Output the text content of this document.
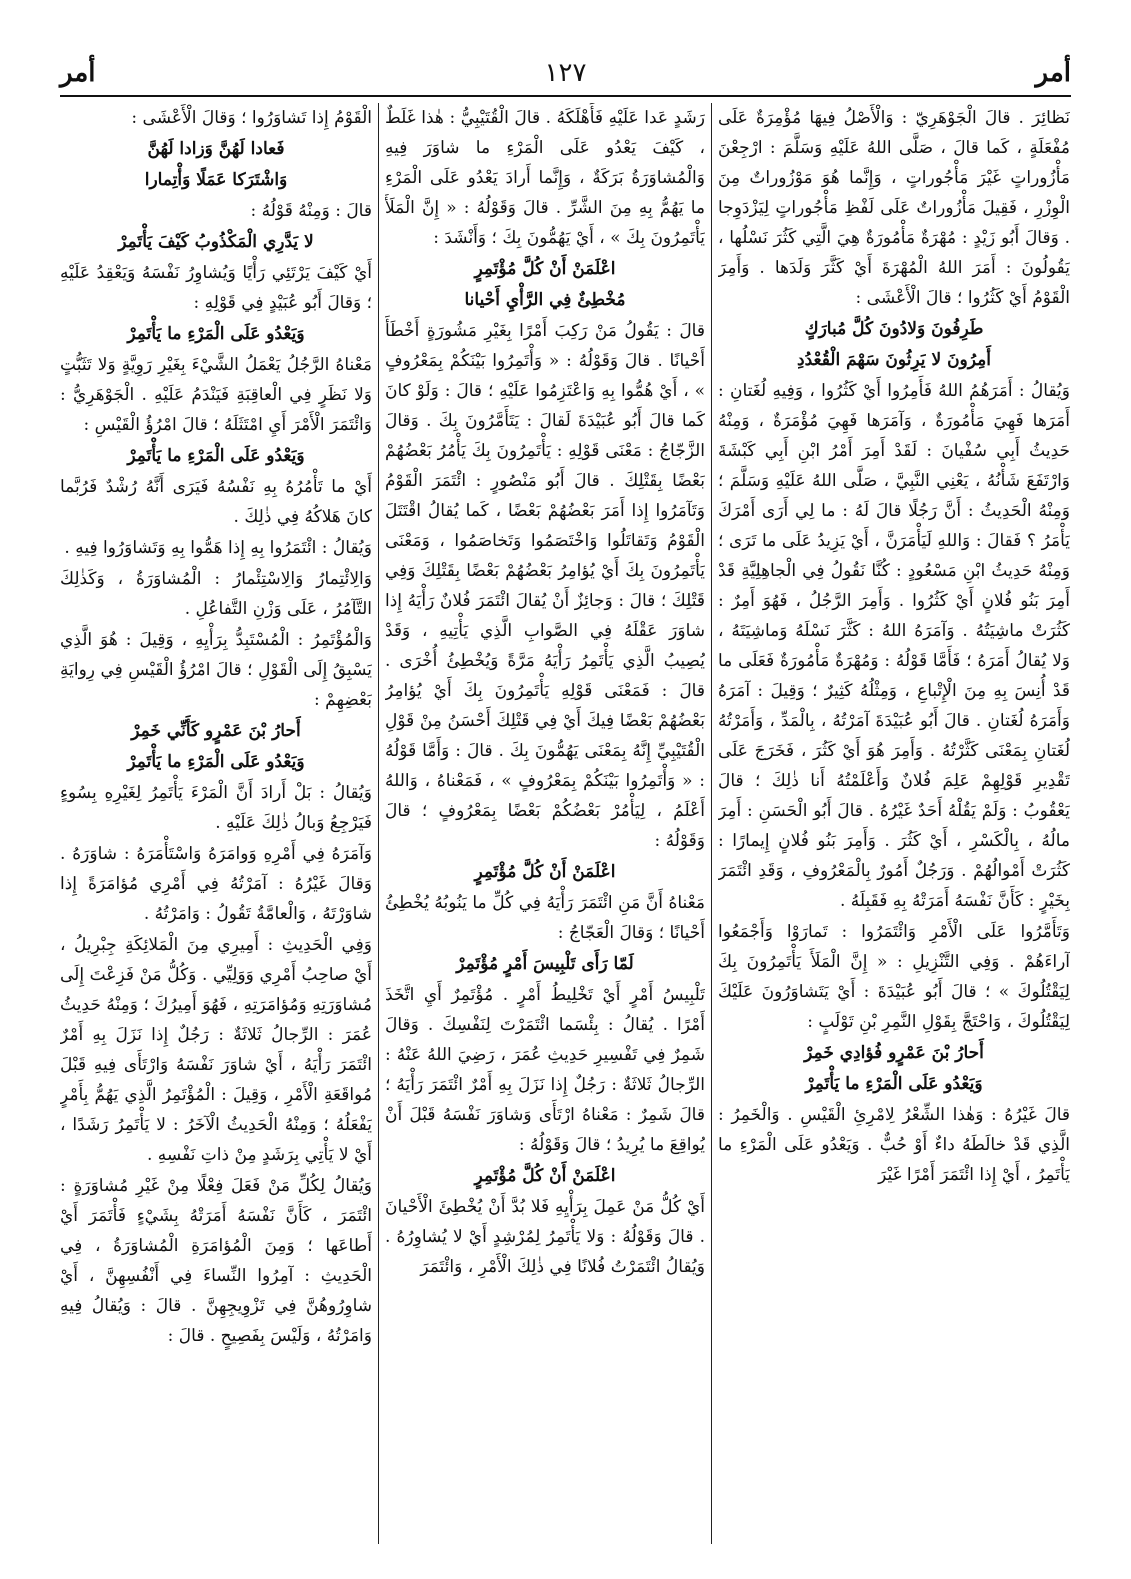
أمر
١٢٧
أمر

نَظائِرَ . قالَ الْجَوْهَرِيّ : وَالْأَصْلُ فِيهَا مُؤْمِرَةٌ عَلَى مُفْعَلَةٍ ، كَما قالَ ، صَلَّى اللهُ عَلَيْهِ وَسَلَّمَ : ارْجِعْنَ مَأْزُوراتٍ غَيْرَ مَأْجُوراتٍ ، وَإِنَّما هُوَ مَوْزُوراتٌ مِنَ الْوِزْرِ ، فَقِيلَ مَأْزُوراتٌ عَلَى لَفْظِ مَأْجُوراتٍ لِيَزْدَوِجا . وَقالَ أَبُو زَيْدٍ : مُهْرَةٌ مَأْمُورَةٌ هِيَ الَّتِي كَثُرَ نَسْلُها ، يَقُولُونَ : أَمَرَ اللهُ الْمُهْرَةَ أَيْ كَثَّرَ وَلَدَها . وَأَمِرَ الْقَوْمُ أَيْ كَثُرُوا ؛ قالَ الْأَعْشَى :

طَرِفُونَ وَلادُونَ كُلَّ مُبارَكٍ

أَمِرُونَ لا يَرِثُونَ سَهْمَ الْقُعْدُدِ

وَيُقالُ : أَمَرَهُمُ اللهُ فَأَمِرُوا أَيْ كَثُرُوا ، وَفِيهِ لُغَتانِ : أَمَرَها فَهِيَ مَأْمُورَةٌ ، وَآمَرَها فَهِيَ مُؤْمَرَةٌ ، وَمِنْهُ حَدِيثُ أَبِي سُفْيانَ : لَقَدْ أَمِرَ أَمْرُ ابْنِ أَبِي كَبْشَةَ وَارْتَفَعَ شَأْنُهُ ، يَعْنِي النَّبِيَّ ، صَلَّى اللهُ عَلَيْهِ وَسَلَّمَ ؛ وَمِنْهُ الْحَدِيثُ : أَنَّ رَجُلًا قالَ لَهُ : ما لِي أَرَى أَمْرَكَ يَأْمَرُ ؟ فَقالَ : وَاللهِ لَيَأْمَرَنَّ ، أَيْ يَزِيدُ عَلَى ما تَرَى ؛ وَمِنْهُ حَدِيثُ ابْنِ مَسْعُودٍ : كُنَّا نَقُولُ فِي الْجاهِلِيَّةِ قَدْ أَمِرَ بَنُو فُلانٍ أَيْ كَثُرُوا . وَأَمِرَ الرَّجُلُ ، فَهُوَ أَمِرٌ : كَثُرَتْ ماشِيَتُهُ . وَآمَرَهُ اللهُ : كَثَّرَ نَسْلَهُ وَماشِيَتَهُ ، وَلا يُقالُ أَمَرَهُ ؛ فَأَمَّا قَوْلُهُ : وَمُهْرَةٌ مَأْمُورَةٌ فَعَلَى ما قَدْ أُنِسَ بِهِ مِنَ الْإِتْباعِ ، وَمِثْلُهُ كَثِيرٌ ؛ وَقِيلَ : آمَرَهُ وَأَمَرَهُ لُغَتانِ . قالَ أَبُو عُبَيْدَةَ آمَرْتُهُ ، بِالْمَدِّ ، وَأَمَرْتُهُ لُغَتانِ بِمَعْنَى كَثَّرْتُهُ . وَأَمِرَ هُوَ أَيْ كَثُرَ ، فَخَرَجَ عَلَى تَقْدِيرِ قَوْلِهِمْ عَلِمَ فُلانٌ وَأَعْلَمْتُهُ أَنا ذٰلِكَ ؛ قالَ يَعْقُوبُ : وَلَمْ يَقُلْهُ أَحَدٌ غَيْرُهُ . قالَ أَبُو الْحَسَنِ : أَمِرَ مالُهُ ، بِالْكَسْرِ ، أَيْ كَثُرَ . وَأَمِرَ بَنُو فُلانٍ إِيمارًا : كَثُرَتْ أَمْوالُهُمْ . وَرَجُلٌ أَمُورٌ بِالْمَعْرُوفِ ، وَقَدِ ائْتَمَرَ بِخَيْرٍ : كَأَنَّ نَفْسَهُ أَمَرَتْهُ بِهِ فَقَبِلَهُ .

وَتَأَمَّرُوا عَلَى الْأَمْرِ وَائْتَمَرُوا : تَمارَوْا وَأَجْمَعُوا آراءَهُمْ . وَفِي التَّنْزِيلِ : « إِنَّ الْمَلَأَ يَأْتَمِرُونَ بِكَ لِيَقْتُلُوكَ » ؛ قالَ أَبُو عُبَيْدَةَ : أَيْ يَتَشاوَرُونَ عَلَيْكَ لِيَقْتُلُوكَ ، وَاحْتَجَّ بِقَوْلِ النَّمِرِ بْنِ تَوْلَبٍ :

أَحارُ بْنَ عَمْرٍو فُؤادِي خَمِرْ

وَيَعْدُو عَلَى الْمَرْءِ ما يَأْتَمِرْ

قالَ غَيْرُهُ : وَهٰذا الشِّعْرُ لِامْرِئِ الْقَيْسِ . وَالْخَمِرُ : الَّذِي قَدْ خالَطَهُ داءٌ أَوْ حُبٌّ . وَيَعْدُو عَلَى الْمَرْءِ ما يَأْتَمِرُ ، أَيْ إِذا ائْتَمَرَ أَمْرًا غَيْرَ

رَشَدٍ عَدا عَلَيْهِ فَأَهْلَكَهُ . قالَ الْقُتَيْبِيُّ : هٰذا غَلَطٌ ، كَيْفَ يَعْدُو عَلَى الْمَرْءِ ما شاوَرَ فِيهِ وَالْمُشاوَرَةُ بَرَكَةٌ ، وَإِنَّما أَرادَ يَعْدُو عَلَى الْمَرْءِ ما يَهُمُّ بِهِ مِنَ الشَّرِّ . قالَ وَقَوْلُهُ : « إِنَّ الْمَلَأَ يَأْتَمِرُونَ بِكَ » ، أَيْ يَهُمُّونَ بِكَ ؛ وَأَنْشَدَ :

اعْلَمَنْ أَنْ كُلَّ مُؤْتَمِرٍ

مُخْطِئٌ فِي الرَّأْيِ أَحْيانا

قالَ : يَقُولُ مَنْ رَكِبَ أَمْرًا بِغَيْرِ مَشُورَةٍ أَخْطَأَ أَحْيانًا . قالَ وَقَوْلُهُ : « وَأْتَمِرُوا بَيْنَكُمْ بِمَعْرُوفٍ » ، أَيْ هُمُّوا بِهِ وَاعْتَزِمُوا عَلَيْهِ ؛ قالَ : وَلَوْ كانَ كَما قالَ أَبُو عُبَيْدَةَ لَقالَ : يَتَأَمَّرُونَ بِكَ . وَقالَ الزَّجّاجُ : مَعْنَى قَوْلِهِ : يَأْتَمِرُونَ بِكَ يَأْمُرُ بَعْضُهُمْ بَعْضًا بِقَتْلِكَ . قالَ أَبُو مَنْصُورٍ : ائْتَمَرَ الْقَوْمُ وَتَآمَرُوا إِذا أَمَرَ بَعْضُهُمْ بَعْضًا ، كَما يُقالُ اقْتَتَلَ الْقَوْمُ وَتَقاتَلُوا وَاخْتَصَمُوا وَتَخاصَمُوا ، وَمَعْنَى يَأْتَمِرُونَ بِكَ أَيْ يُؤامِرُ بَعْضُهُمْ بَعْضًا بِقَتْلِكَ وَفِي قَتْلِكَ ؛ قالَ : وَجائِزٌ أَنْ يُقالَ ائْتَمَرَ فُلانٌ رَأْيَهُ إِذا شاوَرَ عَقْلَهُ فِي الصَّوابِ الَّذِي يَأْتِيهِ ، وَقَدْ يُصِيبُ الَّذِي يَأْتَمِرُ رَأْيَهُ مَرَّةً وَيُخْطِئُ أُخْرَى . قالَ : فَمَعْنَى قَوْلِهِ يَأْتَمِرُونَ بِكَ أَيْ يُؤامِرُ بَعْضُهُمْ بَعْضًا فِيكَ أَيْ فِي قَتْلِكَ أَحْسَنُ مِنْ قَوْلِ الْقُتَيْبِيِّ إِنَّهُ بِمَعْنَى يَهُمُّونَ بِكَ . قالَ : وَأَمَّا قَوْلُهُ : « وَأْتَمِرُوا بَيْنَكُمْ بِمَعْرُوفٍ » ، فَمَعْناهُ ، وَاللهُ أَعْلَمُ ، لِيَأْمُرْ بَعْضُكُمْ بَعْضًا بِمَعْرُوفٍ ؛ قالَ وَقَوْلُهُ :

اعْلَمَنْ أَنْ كُلَّ مُؤْتَمِرٍ

مَعْناهُ أَنَّ مَنِ ائْتَمَرَ رَأْيَهُ فِي كُلِّ ما يَنُوبُهُ يُخْطِئُ أَحْيانًا ؛ وَقالَ الْعَجّاجُ :

لَمّا رَأَى تَلْبِيسَ أَمْرٍ مُؤْتَمِرْ

تَلْبِيسُ أَمْرٍ أَيْ تَخْلِيطُ أَمْرٍ . مُؤْتَمِرٌ أَيِ اتَّخَذَ أَمْرًا . يُقالُ : بِئْسَما ائْتَمَرْتَ لِنَفْسِكَ . وَقالَ شَمِرٌ فِي تَفْسِيرِ حَدِيثِ عُمَرَ ، رَضِيَ اللهُ عَنْهُ : الرِّجالُ ثَلاثَةٌ : رَجُلٌ إِذا نَزَلَ بِهِ أَمْرٌ ائْتَمَرَ رَأْيَهُ ؛ قالَ شَمِرٌ : مَعْناهُ ارْتَأَى وَشاوَرَ نَفْسَهُ قَبْلَ أَنْ يُواقِعَ ما يُرِيدُ ؛ قالَ وَقَوْلُهُ :

اعْلَمَنْ أَنْ كُلَّ مُؤْتَمِرٍ

أَيْ كُلُّ مَنْ عَمِلَ بِرَأْيِهِ فَلا بُدَّ أَنْ يُخْطِئَ الْأَحْيانَ . قالَ وَقَوْلُهُ : وَلا يَأْتَمِرُ لِمُرْشِدٍ أَيْ لا يُشاوِرُهُ . وَيُقالُ ائْتَمَرْتُ فُلانًا فِي ذٰلِكَ الْأَمْرِ ، وَائْتَمَرَ

الْقَوْمُ إِذا تَشاوَرُوا ؛ وَقالَ الْأَعْشَى :

فَعادا لَهُنَّ وَزادا لَهُنَّ

وَاشْتَرَكا عَمَلًا وَأْتِمارا

قالَ : وَمِنْهُ قَوْلُهُ :

لا يَدَّرِي الْمَكْذُوبُ كَيْفَ يَأْتَمِرْ

أَيْ كَيْفَ يَرْتَئِي رَأْيًا وَيُشاوِرُ نَفْسَهُ وَيَعْقِدُ عَلَيْهِ ؛ وَقالَ أَبُو عُبَيْدٍ فِي قَوْلِهِ :

وَيَعْدُو عَلَى الْمَرْءِ ما يَأْتَمِرْ

مَعْناهُ الرَّجُلُ يَعْمَلُ الشَّيْءَ بِغَيْرِ رَوِيَّةٍ وَلا تَثَبُّتٍ وَلا نَظَرٍ فِي الْعاقِبَةِ فَيَنْدَمُ عَلَيْهِ . الْجَوْهَرِيُّ : وَائْتَمَرَ الْأَمْرَ أَيِ امْتَثَلَهُ ؛ قالَ امْرُؤُ الْقَيْسِ :

وَيَعْدُو عَلَى الْمَرْءِ ما يَأْتَمِرْ

أَيْ ما تَأْمُرُهُ بِهِ نَفْسُهُ فَيَرَى أَنَّهُ رُشْدٌ فَرُبَّما كانَ هَلاكُهُ فِي ذٰلِكَ .

وَيُقالُ : ائْتَمَرُوا بِهِ إِذا هَمُّوا بِهِ وَتَشاوَرُوا فِيهِ .

وَالِائْتِمارُ وَالِاسْتِئْمارُ : الْمُشاوَرَةُ ، وَكَذٰلِكَ التَّآمُرُ ، عَلَى وَزْنِ التَّفاعُلِ .

وَالْمُؤْتَمِرُ : الْمُسْتَبِدُّ بِرَأْيِهِ ، وَقِيلَ : هُوَ الَّذِي يَسْبِقُ إِلَى الْقَوْلِ ؛ قالَ امْرُؤُ الْقَيْسِ فِي رِوايَةِ بَعْضِهِمْ :

أَحارُ بْنَ عَمْرٍو كَأَنِّي خَمِرْ

وَيَعْدُو عَلَى الْمَرْءِ ما يَأْتَمِرْ

وَيُقالُ : بَلْ أَرادَ أَنَّ الْمَرْءَ يَأْتَمِرُ لِغَيْرِهِ بِسُوءٍ فَيَرْجِعُ وَبالُ ذٰلِكَ عَلَيْهِ .

وَآمَرَهُ فِي أَمْرِهِ وَوامَرَهُ وَاسْتَأْمَرَهُ : شاوَرَهُ . وَقالَ غَيْرُهُ : آمَرْتُهُ فِي أَمْرِي مُؤامَرَةً إِذا شاوَرْتَهُ ، وَالْعامَّةُ تَقُولُ : وَامَرْتُهُ .

وَفِي الْحَدِيثِ : أَمِيرِي مِنَ الْمَلائِكَةِ جِبْرِيلُ ، أَيْ صاحِبُ أَمْرِي وَوَلِيِّي . وَكُلُّ مَنْ فَزِعْتَ إِلَى مُشاوَرَتِهِ وَمُؤامَرَتِهِ ، فَهُوَ أَمِيرُكَ ؛ وَمِنْهُ حَدِيثُ عُمَرَ : الرِّجالُ ثَلاثَةٌ : رَجُلٌ إِذا نَزَلَ بِهِ أَمْرٌ ائْتَمَرَ رَأْيَهُ ، أَيْ شاوَرَ نَفْسَهُ وَارْتَأَى فِيهِ قَبْلَ مُواقَعَةِ الْأَمْرِ ، وَقِيلَ : الْمُؤْتَمِرُ الَّذِي يَهُمُّ بِأَمْرٍ يَفْعَلُهُ ؛ وَمِنْهُ الْحَدِيثُ الْآخَرُ : لا يَأْتَمِرُ رَشَدًا ، أَيْ لا يَأْتِي بِرَشَدٍ مِنْ ذاتِ نَفْسِهِ .

وَيُقالُ لِكُلِّ مَنْ فَعَلَ فِعْلًا مِنْ غَيْرِ مُشاوَرَةٍ : ائْتَمَرَ ، كَأَنَّ نَفْسَهُ أَمَرَتْهُ بِشَيْءٍ فَأْتَمَرَ أَيْ أَطاعَها ؛ وَمِنَ الْمُؤامَرَةِ الْمُشاوَرَةُ ، فِي الْحَدِيثِ : آمِرُوا النِّساءَ فِي أَنْفُسِهِنَّ ، أَيْ شاوِرُوهُنَّ فِي تَزْوِيجِهِنَّ . قالَ : وَيُقالُ فِيهِ وَامَرْتُهُ ، وَلَيْسَ بِفَصِيحٍ . قالَ :
